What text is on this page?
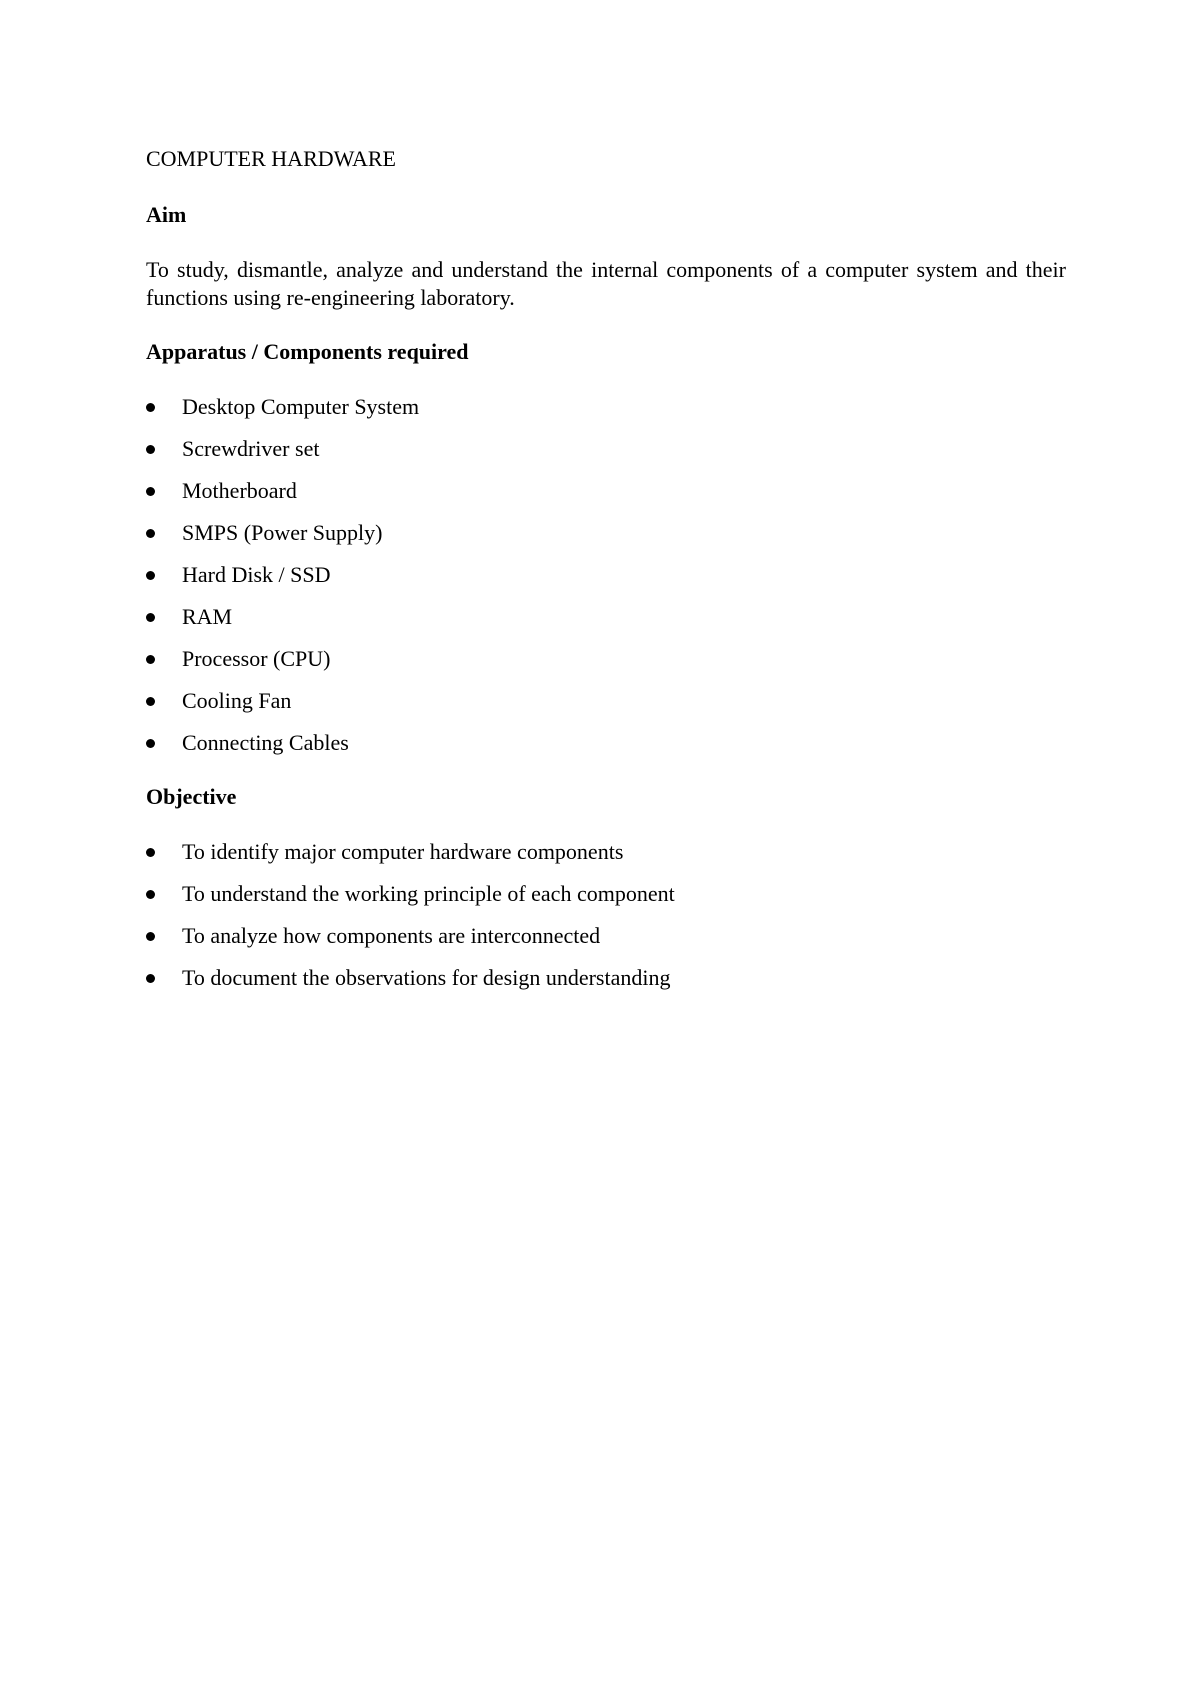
COMPUTER HARDWARE
Aim

To study, dismantle, analyze and understand the internal components of a computer system and their functions using re-engineering laboratory.

Apparatus / Components required
Desktop Computer System
Screwdriver set
Motherboard
SMPS (Power Supply)
Hard Disk / SSD
RAM
Processor (CPU)
Cooling Fan
Connecting Cables
Objective
To identify major computer hardware components
To understand the working principle of each component
To analyze how components are interconnected
To document the observations for design understanding
